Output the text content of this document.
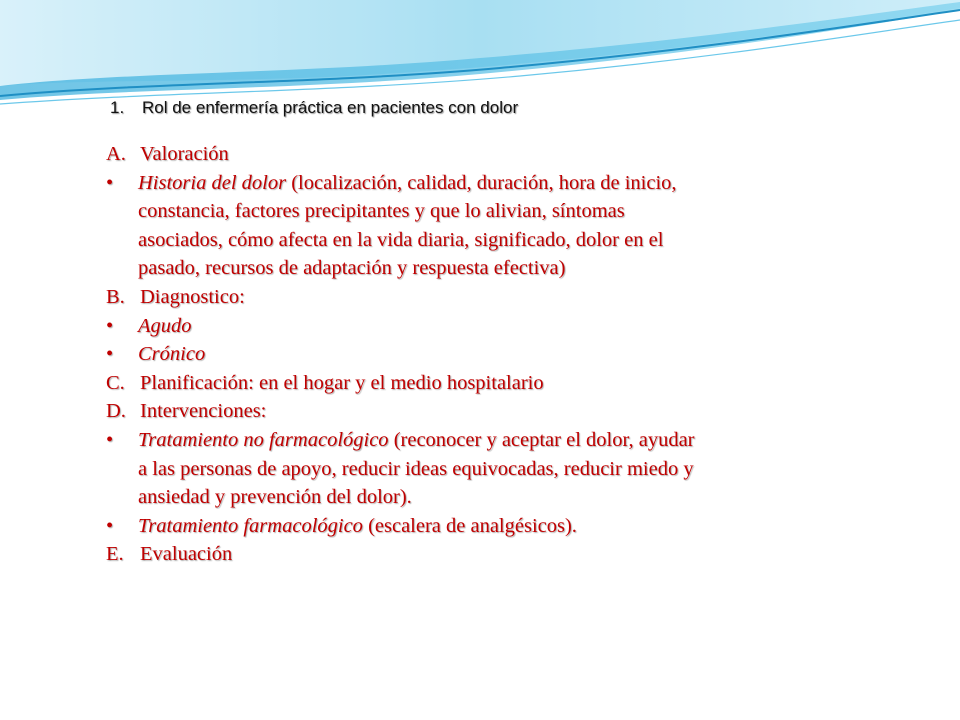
1. Rol de enfermería práctica en pacientes con dolor

A. Valoración
•	Historia del dolor (localización, calidad, duración, hora de inicio,
constancia, factores precipitantes y que lo alivian, síntomas
asociados, cómo afecta en la vida diaria, significado, dolor en el
pasado, recursos de adaptación y respuesta efectiva)
B. Diagnostico:
•	Agudo
•	Crónico
C. Planificación: en el hogar y el medio hospitalario
D. Intervenciones:
•	Tratamiento no farmacológico (reconocer y aceptar el dolor, ayudar
a las personas de apoyo, reducir ideas equivocadas, reducir miedo y
ansiedad y prevención del dolor).
•	Tratamiento farmacológico (escalera de analgésicos).
E. Evaluación
